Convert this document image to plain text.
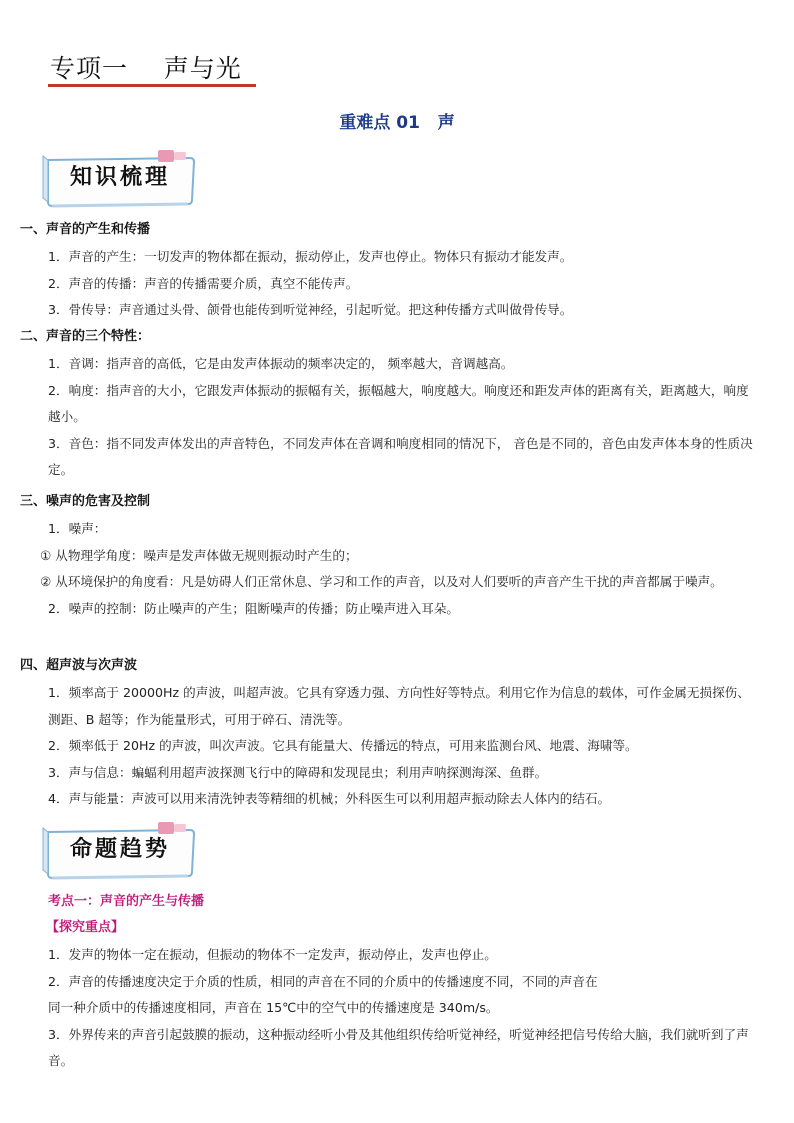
专项一    声与光
重难点 01   声
知识梳理
一、声音的产生和传播

1．声音的产生：一切发声的物体都在振动，振动停止，发声也停止。物体只有振动才能发声。

2．声音的传播：声音的传播需要介质，真空不能传声。

3．骨传导：声音通过头骨、颌骨也能传到听觉神经，引起听觉。把这种传播方式叫做骨传导。

二、声音的三个特性：

1．音调：指声音的高低，它是由发声体振动的频率决定的， 频率越大，音调越高。

2．响度：指声音的大小，它跟发声体振动的振幅有关，振幅越大，响度越大。响度还和距发声体的距离有关，距离越大，响度越小。

3．音色：指不同发声体发出的声音特色，不同发声体在音调和响度相同的情况下， 音色是不同的，音色由发声体本身的性质决定。

三、噪声的危害及控制

1．噪声：

① 从物理学角度：噪声是发声体做无规则振动时产生的；

② 从环境保护的角度看：凡是妨碍人们正常休息、学习和工作的声音，以及对人们要听的声音产生干扰的声音都属于噪声。

2．噪声的控制：防止噪声的产生；阻断噪声的传播；防止噪声进入耳朵。

四、超声波与次声波

1．频率高于 20000Hz 的声波，叫超声波。它具有穿透力强、方向性好等特点。利用它作为信息的载体，可作金属无损探伤、测距、B 超等；作为能量形式，可用于碎石、清洗等。

2．频率低于 20Hz 的声波，叫次声波。它具有能量大、传播远的特点，可用来监测台风、地震、海啸等。

3．声与信息：蝙蝠利用超声波探测飞行中的障碍和发现昆虫；利用声呐探测海深、鱼群。

4．声与能量：声波可以用来清洗钟表等精细的机械；外科医生可以利用超声振动除去人体内的结石。

命题趋势
考点一：声音的产生与传播
【探究重点】

1．发声的物体一定在振动，但振动的物体不一定发声，振动停止，发声也停止。

2．声音的传播速度决定于介质的性质，相同的声音在不同的介质中的传播速度不同，不同的声音在

同一种介质中的传播速度相同，声音在 15℃中的空气中的传播速度是 340m/s。

3．外界传来的声音引起鼓膜的振动，这种振动经听小骨及其他组织传给听觉神经，听觉神经把信号传给大脑，我们就听到了声音。
